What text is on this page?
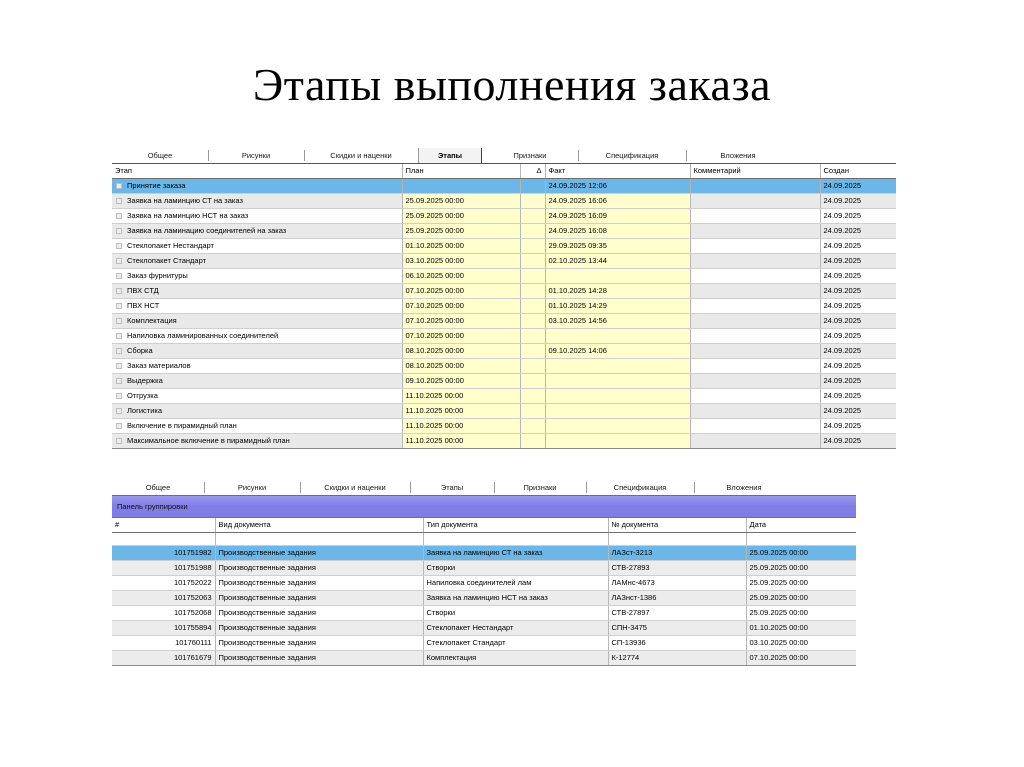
Этапы выполнения заказа
Общее	Рисунки	Скидки и наценки	Этапы	Признаки	Спецификация	Вложения
Этап	План	Δ	Факт	Комментарий	Создан
Принятие заказа			24.09.2025 12:06		24.09.2025
Заявка на ламинцию СТ на заказ	25.09.2025 00:00		24.09.2025 16:06		24.09.2025
Заявка на ламинцию НСТ на заказ	25.09.2025 00:00		24.09.2025 16:09		24.09.2025
Заявка на ламинацию соединителей на заказ	25.09.2025 00:00		24.09.2025 16:08		24.09.2025
Стеклопакет Нестандарт	01.10.2025 00:00		29.09.2025 09:35		24.09.2025
Стеклопакет Стандарт	03.10.2025 00:00		02.10.2025 13:44		24.09.2025
Заказ фурнитуры	06.10.2025 00:00				24.09.2025
ПВХ СТД	07.10.2025 00:00		01.10.2025 14:28		24.09.2025
ПВХ НСТ	07.10.2025 00:00		01.10.2025 14:29		24.09.2025
Комплектация	07.10.2025 00:00		03.10.2025 14:56		24.09.2025
Напиловка ламинированных соединителей	07.10.2025 00:00				24.09.2025
Сборка	08.10.2025 00:00		09.10.2025 14:06		24.09.2025
Заказ материалов	08.10.2025 00:00				24.09.2025
Выдержка	09.10.2025 00:00				24.09.2025
Отгрузка	11.10.2025 00:00				24.09.2025
Логистика	11.10.2025 00:00				24.09.2025
Включение в пирамидный план	11.10.2025 00:00				24.09.2025
Максимальное включение в пирамидный план	11.10.2025 00:00				24.09.2025
Общее	Рисунки	Скидки и наценки	Этапы	Признаки	Спецификация	Вложения
Панель группировки
#	Вид документа	Тип документа	№ документа	Дата

101751982	Производственные задания	Заявка на ламинцию СТ на заказ	ЛАЗст-3213	25.09.2025 00:00
101751988	Производственные задания	Створки	СТВ-27893	25.09.2025 00:00
101752022	Производственные задания	Напиловка соединителей лам	ЛАМнс-4673	25.09.2025 00:00
101752063	Производственные задания	Заявка на ламинцию НСТ на заказ	ЛАЗнст-1386	25.09.2025 00:00
101752068	Производственные задания	Створки	СТВ-27897	25.09.2025 00:00
101755894	Производственные задания	Стеклопакет Нестандарт	СПН-3475	01.10.2025 00:00
101760111	Производственные задания	Стеклопакет Стандарт	СП-13936	03.10.2025 00:00
101761679	Производственные задания	Комплектация	К-12774	07.10.2025 00:00
